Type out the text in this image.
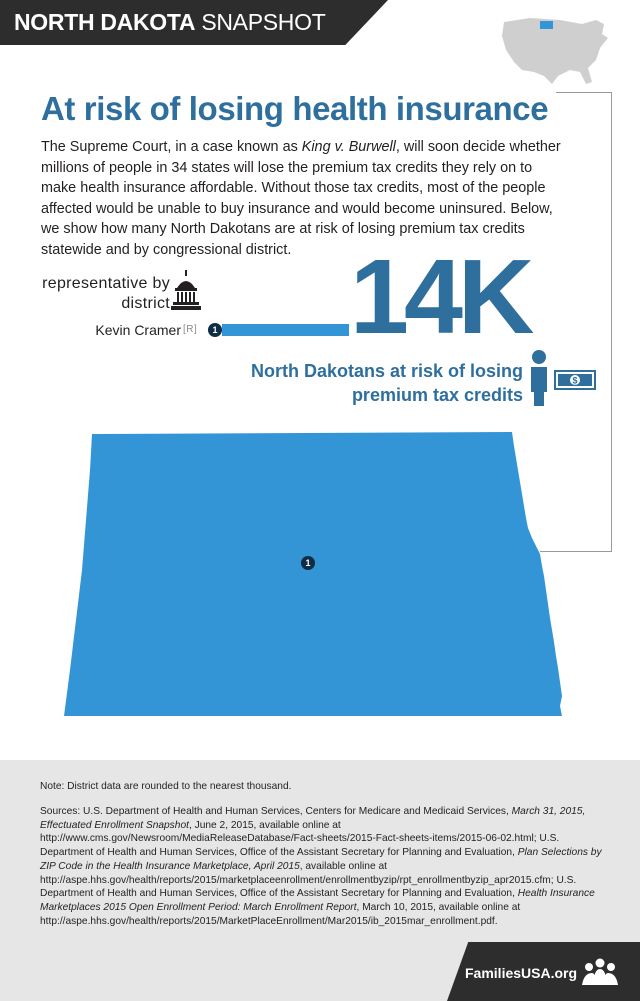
NORTH DAKOTA SNAPSHOT
At risk of losing health insurance
The Supreme Court, in a case known as King v. Burwell, will soon decide whether millions of people in 34 states will lose the premium tax credits they rely on to make health insurance affordable. Without those tax credits, most of the people affected would be unable to buy insurance and would become uninsured. Below, we show how many North Dakotans are at risk of losing premium tax credits statewide and by congressional district.
representative by district
Kevin Cramer [R]	1 14K
North Dakotans at risk of losing premium tax credits
$
1
Note: District data are rounded to the nearest thousand.
Sources: U.S. Department of Health and Human Services, Centers for Medicare and Medicaid Services, March 31, 2015, Effectuated Enrollment Snapshot, June 2, 2015, available online at http://www.cms.gov/Newsroom/MediaReleaseDatabase/Fact-sheets/2015-Fact-sheets-items/2015-06-02.html; U.S. Department of Health and Human Services, Office of the Assistant Secretary for Planning and Evaluation, Plan Selections by ZIP Code in the Health Insurance Marketplace, April 2015, available online at http://aspe.hhs.gov/health/reports/2015/marketplaceenrollment/enrollmentbyzip/rpt_enrollmentbyzip_apr2015.cfm; U.S. Department of Health and Human Services, Office of the Assistant Secretary for Planning and Evaluation, Health Insurance Marketplaces 2015 Open Enrollment Period: March Enrollment Report, March 10, 2015, available online at http://aspe.hhs.gov/health/reports/2015/MarketPlaceEnrollment/Mar2015/ib_2015mar_enrollment.pdf.
FamiliesUSA.org
